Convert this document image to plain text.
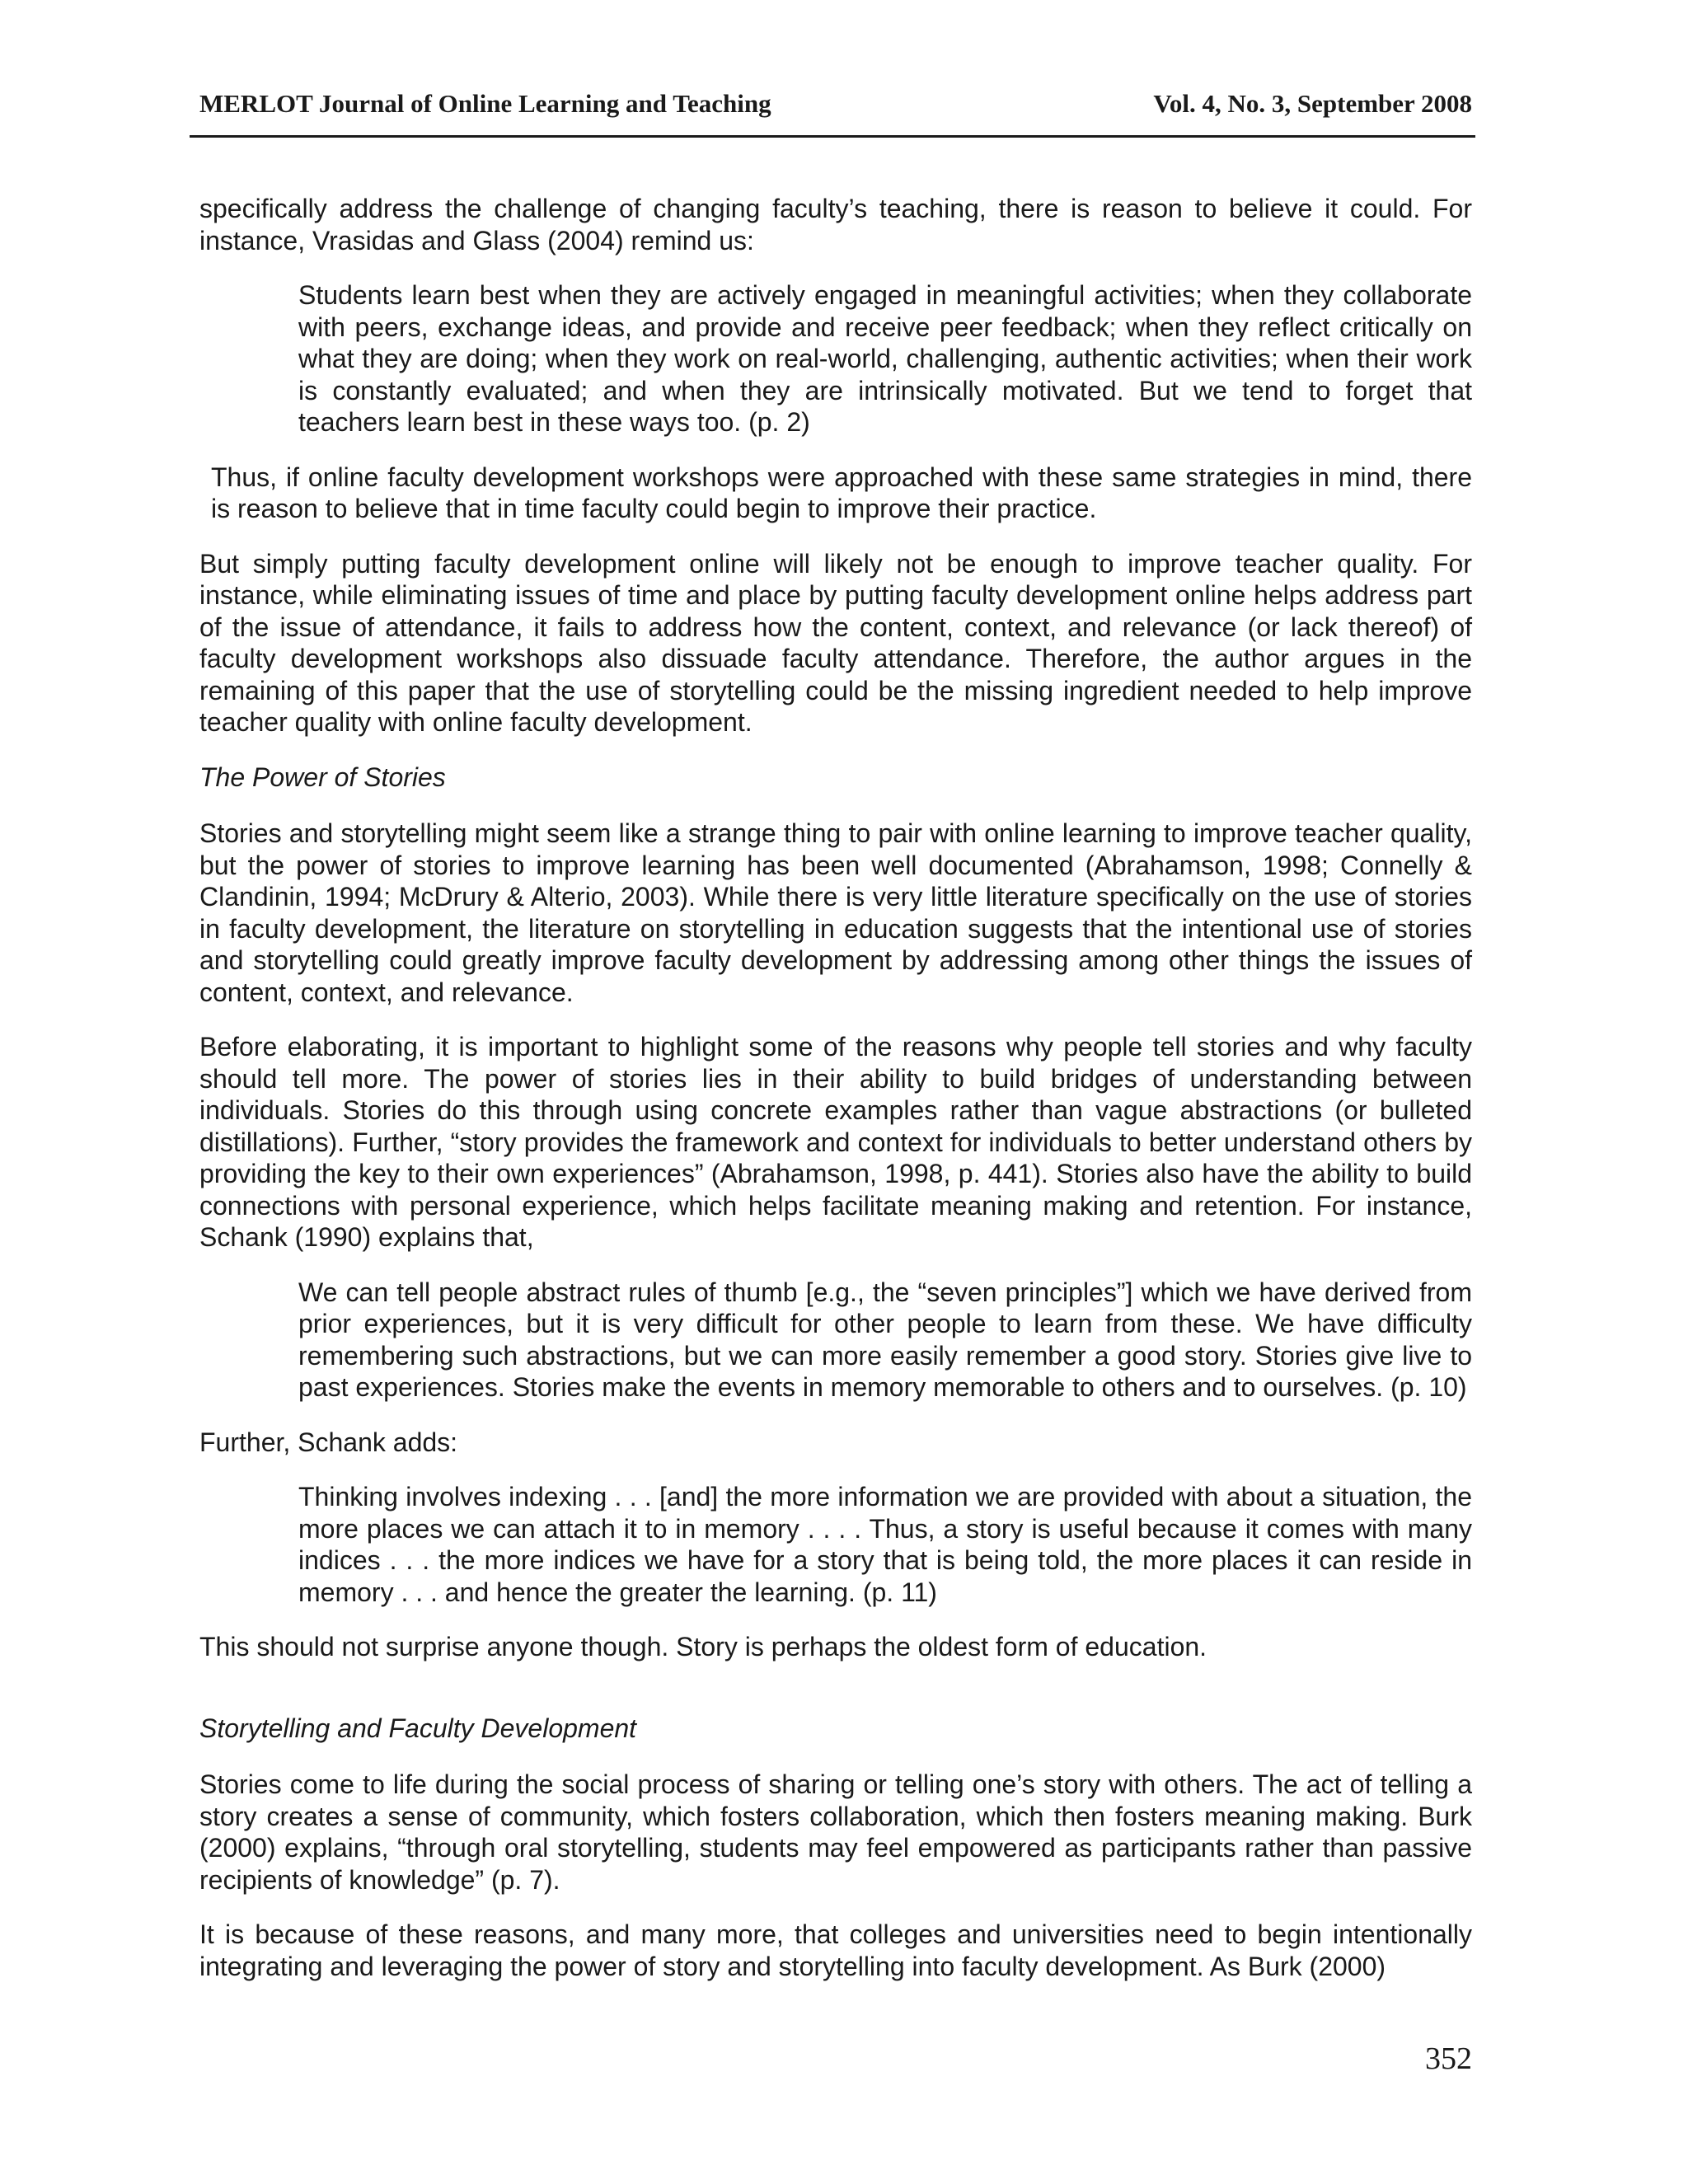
MERLOT Journal of Online Learning and Teaching	Vol. 4, No. 3, September 2008

specifically address the challenge of changing faculty’s teaching, there is reason to believe it could. For instance, Vrasidas and Glass (2004) remind us:

Students learn best when they are actively engaged in meaningful activities; when they collaborate with peers, exchange ideas, and provide and receive peer feedback; when they reflect critically on what they are doing; when they work on real-world, challenging, authentic activities; when their work is constantly evaluated; and when they are intrinsically motivated. But we tend to forget that teachers learn best in these ways too. (p. 2)

Thus, if online faculty development workshops were approached with these same strategies in mind, there is reason to believe that in time faculty could begin to improve their practice.

But simply putting faculty development online will likely not be enough to improve teacher quality. For instance, while eliminating issues of time and place by putting faculty development online helps address part of the issue of attendance, it fails to address how the content, context, and relevance (or lack thereof) of faculty development workshops also dissuade faculty attendance. Therefore, the author argues in the remaining of this paper that the use of storytelling could be the missing ingredient needed to help improve teacher quality with online faculty development.

The Power of Stories

Stories and storytelling might seem like a strange thing to pair with online learning to improve teacher quality, but the power of stories to improve learning has been well documented (Abrahamson, 1998; Connelly & Clandinin, 1994; McDrury & Alterio, 2003). While there is very little literature specifically on the use of stories in faculty development, the literature on storytelling in education suggests that the intentional use of stories and storytelling could greatly improve faculty development by addressing among other things the issues of content, context, and relevance.

Before elaborating, it is important to highlight some of the reasons why people tell stories and why faculty should tell more. The power of stories lies in their ability to build bridges of understanding between individuals. Stories do this through using concrete examples rather than vague abstractions (or bulleted distillations). Further, “story provides the framework and context for individuals to better understand others by providing the key to their own experiences” (Abrahamson, 1998, p. 441). Stories also have the ability to build connections with personal experience, which helps facilitate meaning making and retention. For instance, Schank (1990) explains that,

We can tell people abstract rules of thumb [e.g., the “seven principles”] which we have derived from prior experiences, but it is very difficult for other people to learn from these. We have difficulty remembering such abstractions, but we can more easily remember a good story. Stories give live to past experiences. Stories make the events in memory memorable to others and to ourselves. (p. 10)

Further, Schank adds:

Thinking involves indexing . . . [and] the more information we are provided with about a situation, the more places we can attach it to in memory . . . . Thus, a story is useful because it comes with many indices . . . the more indices we have for a story that is being told, the more places it can reside in memory . . . and hence the greater the learning. (p. 11)

This should not surprise anyone though. Story is perhaps the oldest form of education.

Storytelling and Faculty Development

Stories come to life during the social process of sharing or telling one’s story with others. The act of telling a story creates a sense of community, which fosters collaboration, which then fosters meaning making. Burk (2000) explains, “through oral storytelling, students may feel empowered as participants rather than passive recipients of knowledge” (p. 7).

It is because of these reasons, and many more, that colleges and universities need to begin intentionally integrating and leveraging the power of story and storytelling into faculty development. As Burk (2000)

352
